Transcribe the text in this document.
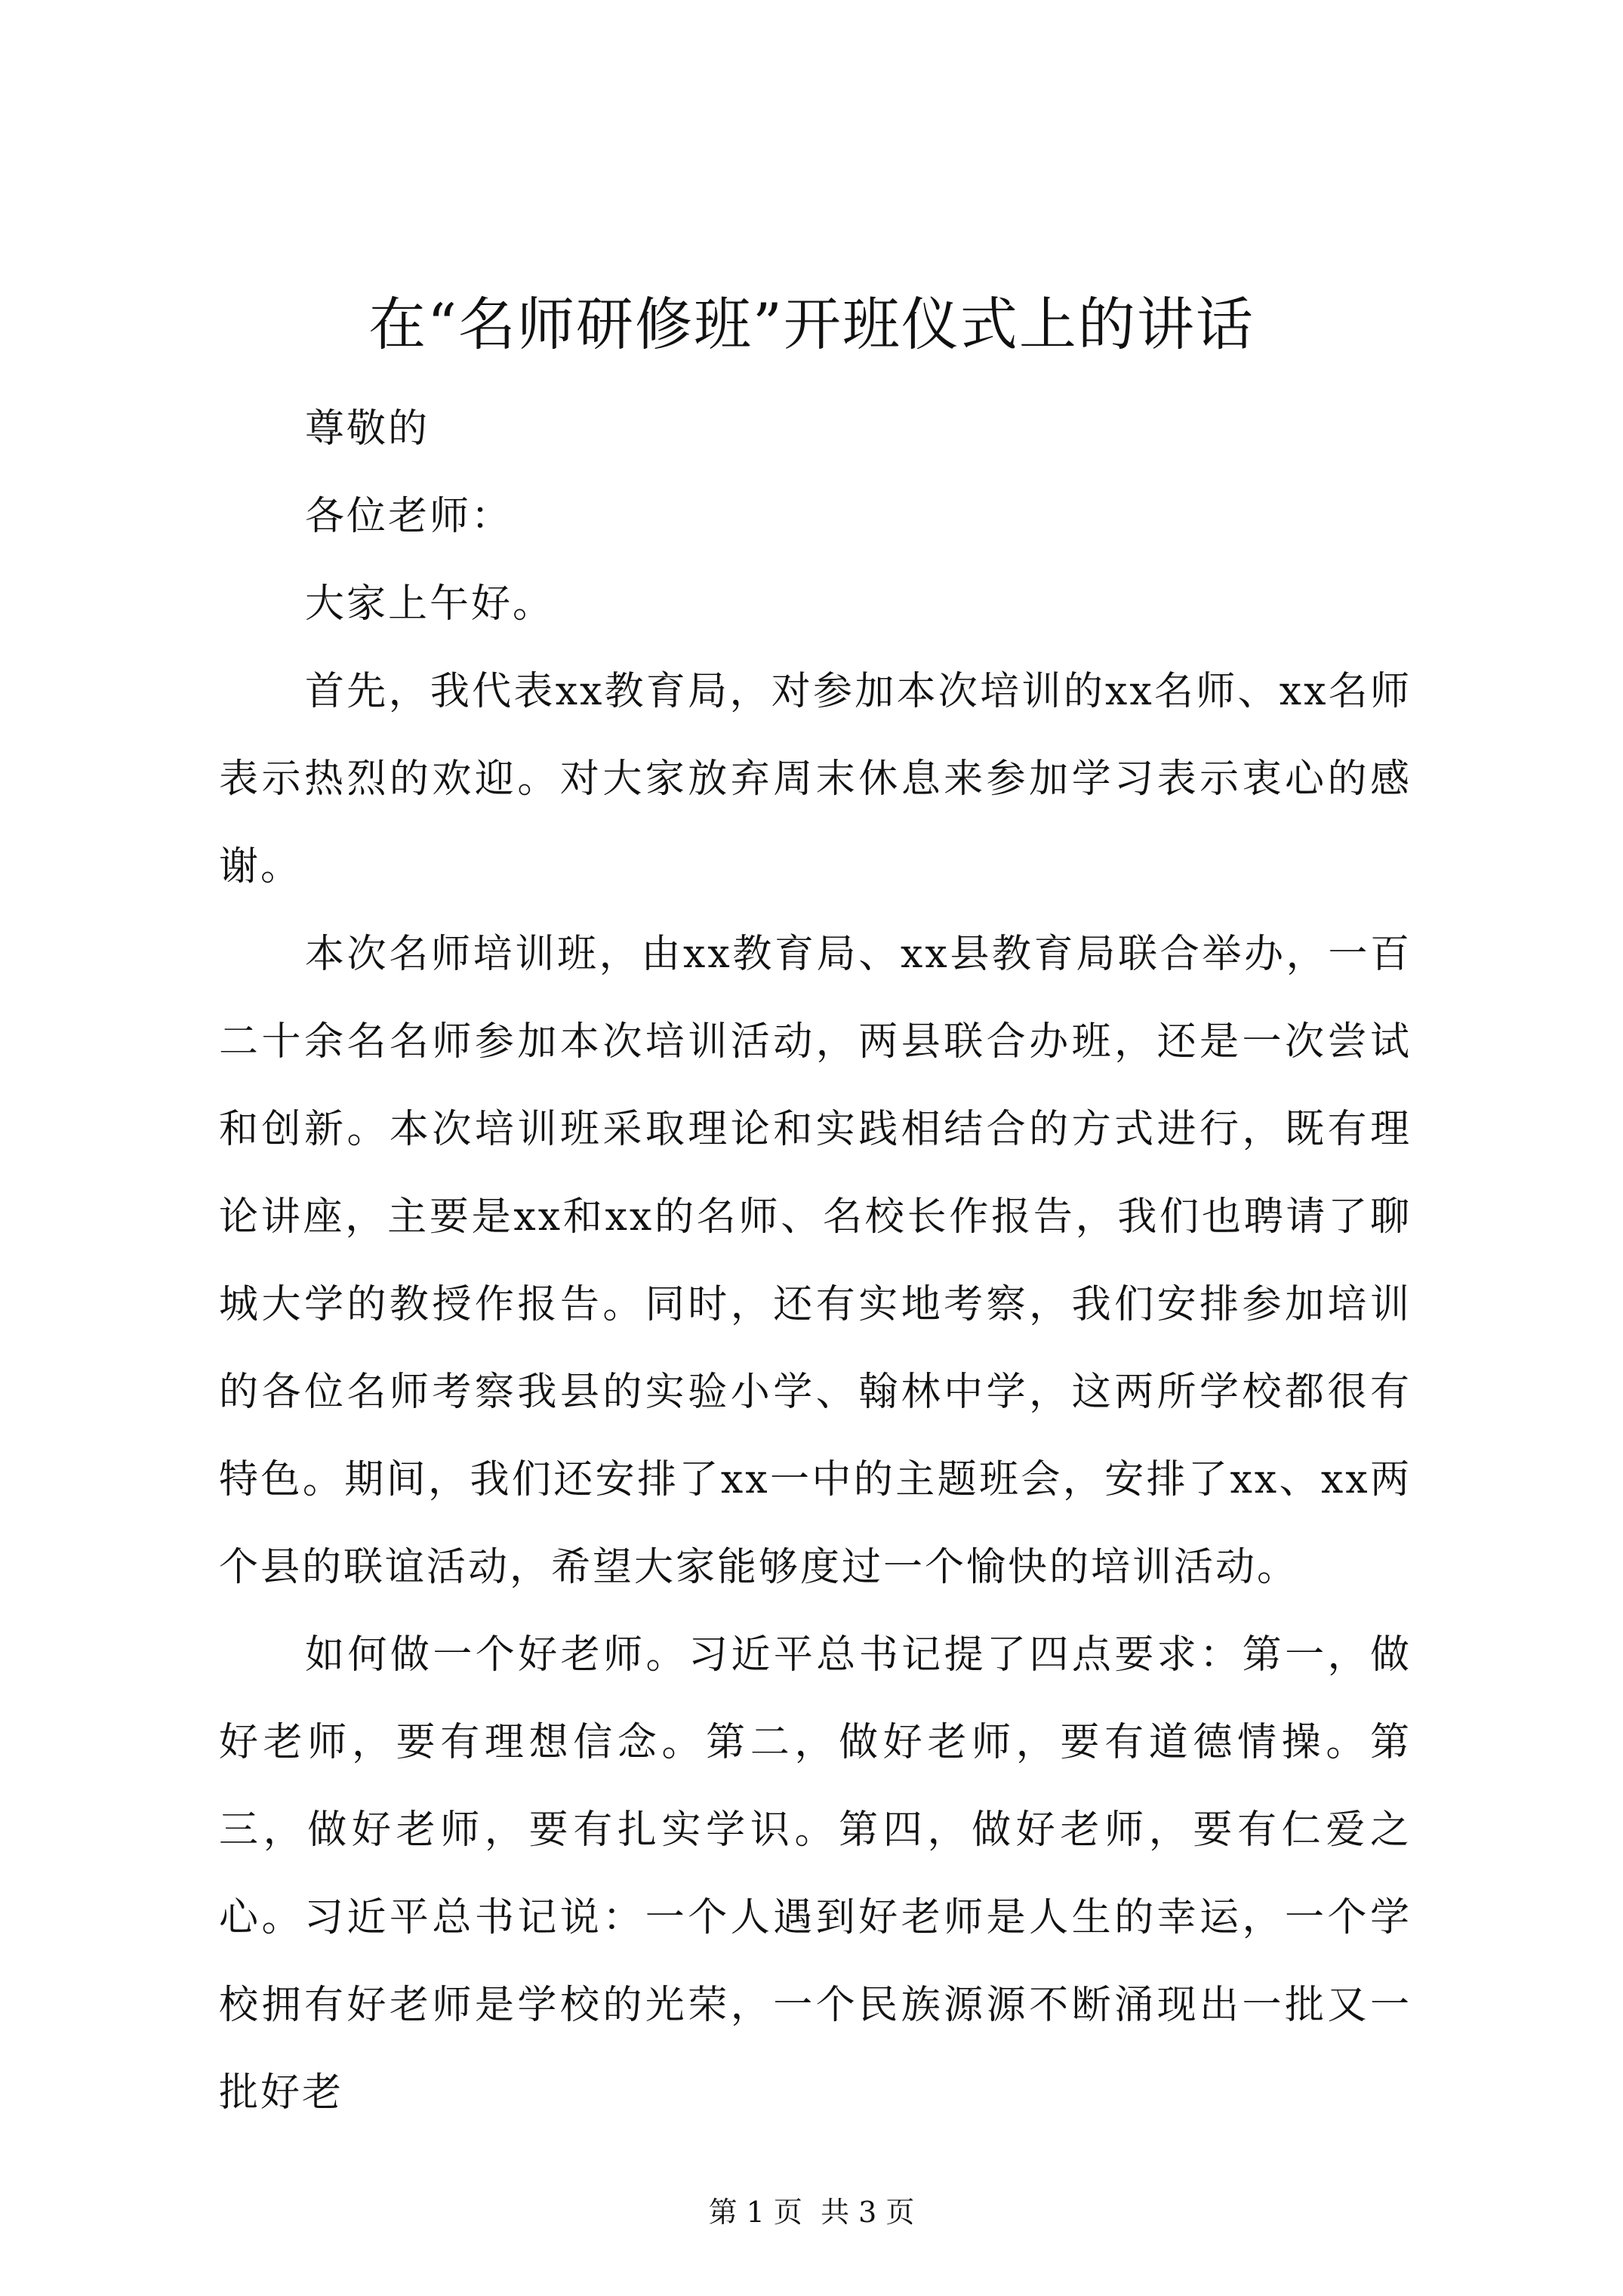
在“名师研修班”开班仪式上的讲话

尊敬的

各位老师：

大家上午好。

首先，我代表xx教育局，对参加本次培训的xx名师、xx名师表示热烈的欢迎。对大家放弃周末休息来参加学习表示衷心的感谢。

本次名师培训班，由xx教育局、xx县教育局联合举办，一百二十余名名师参加本次培训活动，两县联合办班，还是一次尝试和创新。本次培训班采取理论和实践相结合的方式进行，既有理论讲座，主要是xx和xx的名师、名校长作报告，我们也聘请了聊城大学的教授作报告。同时，还有实地考察，我们安排参加培训的各位名师考察我县的实验小学、翰林中学，这两所学校都很有特色。期间，我们还安排了xx一中的主题班会，安排了xx、xx两个县的联谊活动，希望大家能够度过一个愉快的培训活动。

如何做一个好老师。习近平总书记提了四点要求：第一，做好老师，要有理想信念。第二，做好老师，要有道德情操。第三，做好老师，要有扎实学识。第四，做好老师，要有仁爱之心。习近平总书记说：一个人遇到好老师是人生的幸运，一个学校拥有好老师是学校的光荣，一个民族源源不断涌现出一批又一批好老

第 1 页  共 3 页
